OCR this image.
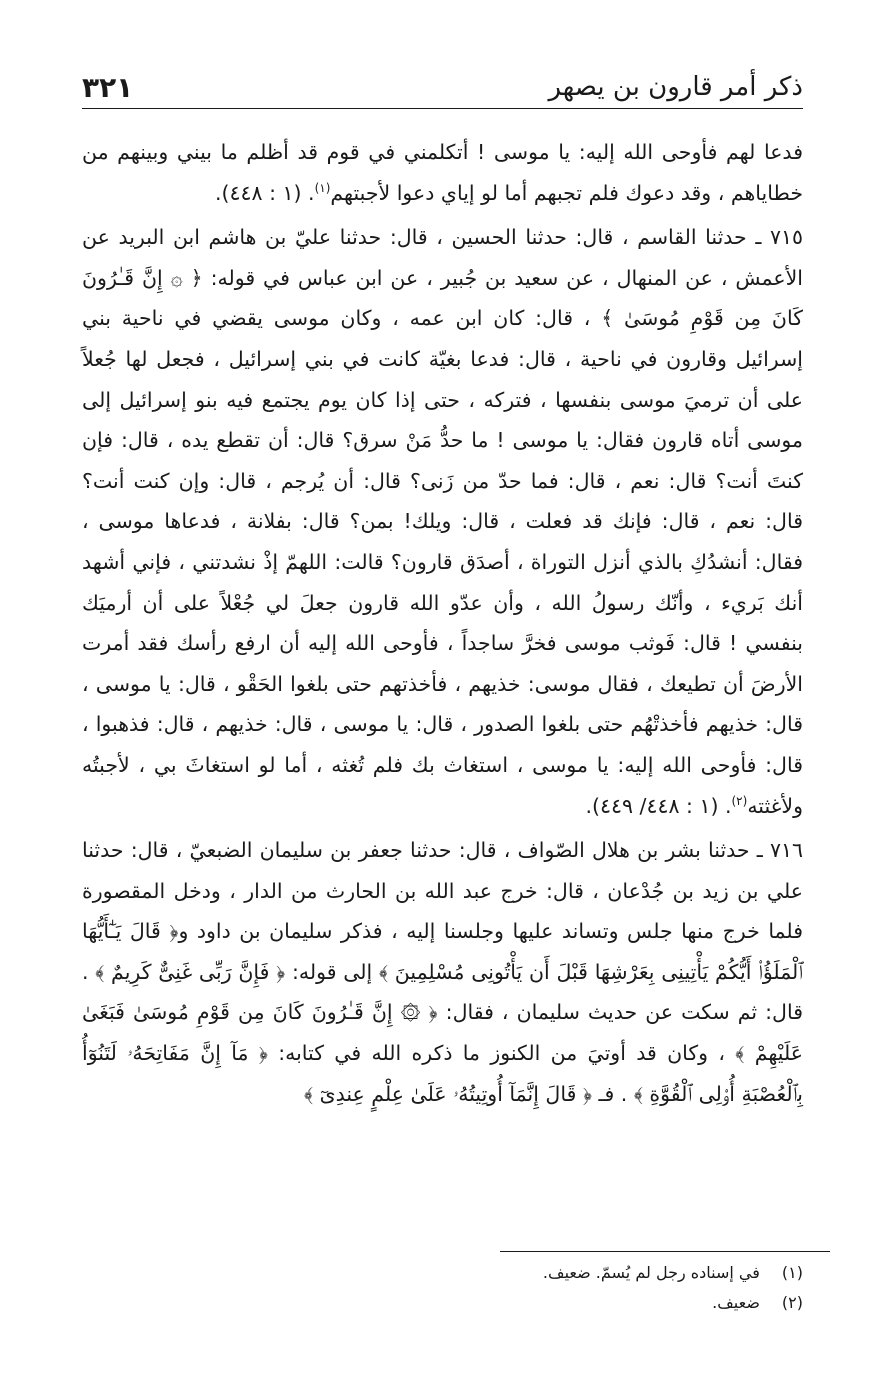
ذكر أمر قارون بن يصهر
٣٢١

فدعا لهم فأوحى الله إليه: يا موسى ! أتكلمني في قوم قد أظلم ما بيني وبينهم من خطاياهم ، وقد دعوك فلم تجبهم أما لو إياي دعوا لأجبتهم$^{(١)}$. (١ : ٤٤٨).

٧١٥ ـ حدثنا القاسم ، قال: حدثنا الحسين ، قال: حدثنا عليّ بن هاشم ابن البريد عن الأعمش ، عن المنهال ، عن سعيد بن جُبير ، عن ابن عباس في قوله: ﴿ ۞ إِنَّ قَـٰرُونَ كَانَ مِن قَوْمِ مُوسَىٰ ﴾ ، قال: كان ابن عمه ، وكان موسى يقضي في ناحية بني إسرائيل وقارون في ناحية ، قال: فدعا بغيّة كانت في بني إسرائيل ، فجعل لها جُعلاً على أن ترميَ موسى بنفسها ، فتركه ، حتى إذا كان يوم يجتمع فيه بنو إسرائيل إلى موسى أتاه قارون فقال: يا موسى ! ما حدُّ مَنْ سرق؟ قال: أن تقطع يده ، قال: فإن كنتَ أنت؟ قال: نعم ، قال: فما حدّ من زَنى؟ قال: أن يُرجم ، قال: وإن كنت أنت؟ قال: نعم ، قال: فإنك قد فعلت ، قال: ويلك! بمن؟ قال: بفلانة ، فدعاها موسى ، فقال: أنشدُكِ بالذي أنزل التوراة ، أصدَق قارون؟ قالت: اللهمّ إذْ نشدتني ، فإني أشهد أنك بَريء ، وأنّك رسولُ الله ، وأن عدّو الله قارون جعلَ لي جُعْلاً على أن أرميَك بنفسي ! قال: فَوثب موسى فخرَّ ساجداً ، فأوحى الله إليه أن ارفع رأسك فقد أمرت الأرضَ أن تطيعك ، فقال موسى: خذيهم ، فأخذتهم حتى بلغوا الحَقْو ، قال: يا موسى ، قال: خذيهم فأخذتْهُم حتى بلغوا الصدور ، قال: يا موسى ، قال: خذيهم ، قال: فذهبوا ، قال: فأوحى الله إليه: يا موسى ، استغاث بك فلم تُغثه ، أما لو استغاثَ بي ، لأجبتُه ولأغثته$^{(٢)}$. (١ : ٤٤٨/ ٤٤٩).

٧١٦ ـ حدثنا بشر بن هلال الصّواف ، قال: حدثنا جعفر بن سليمان الضبعيّ ، قال: حدثنا علي بن زيد بن جُدْعان ، قال: خرج عبد الله بن الحارث من الدار ، ودخل المقصورة فلما خرج منها جلس وتساند عليها وجلسنا إليه ، فذكر سليمان بن داود و﴿ قَالَ يَـٰٓأَيُّهَا ٱلْمَلَؤُا۟ أَيُّكُمْ يَأْتِينِى بِعَرْشِهَا قَبْلَ أَن يَأْتُونِى مُسْلِمِينَ ﴾ إلى قوله: ﴿ فَإِنَّ رَبِّى غَنِىٌّ كَرِيمٌ ﴾ . قال: ثم سكت عن حديث سليمان ، فقال: ﴿ ۞ إِنَّ قَـٰرُونَ كَانَ مِن قَوْمِ مُوسَىٰ فَبَغَىٰ عَلَيْهِمْ ﴾ ، وكان قد أوتيَ من الكنوز ما ذكره الله في كتابه: ﴿ مَآ إِنَّ مَفَاتِحَهُۥ لَتَنُوٓأُ بِٱلْعُصْبَةِ أُو۟لِى ٱلْقُوَّةِ ﴾ . فـ ﴿ قَالَ إِنَّمَآ أُوتِيتُهُۥ عَلَىٰ عِلْمٍ عِندِىٓ ﴾

(١)
في إسناده رجل لم يُسمّ. ضعيف.
(٢)
ضعيف.
